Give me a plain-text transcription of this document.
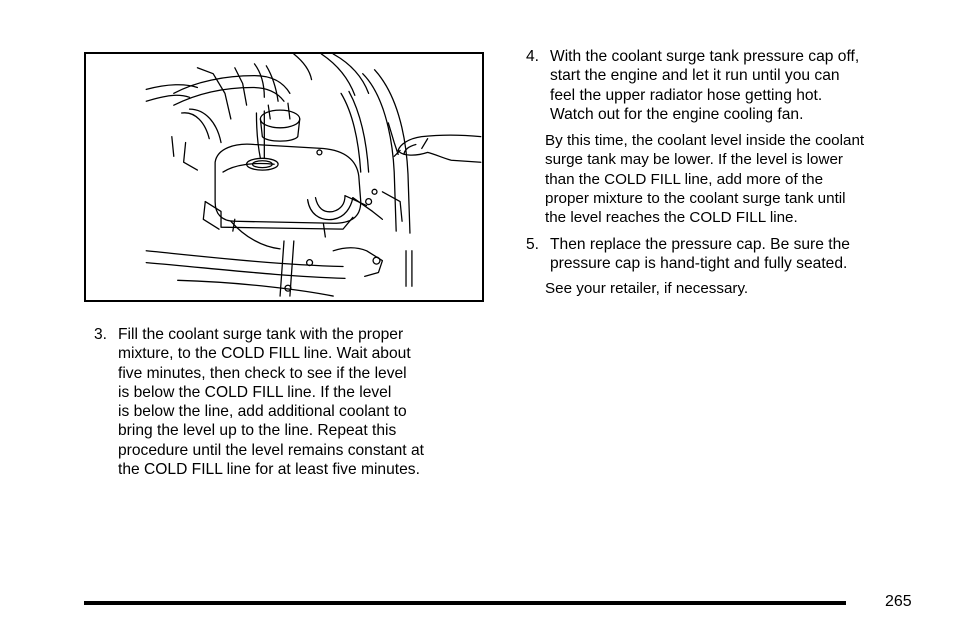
3. Fill the coolant surge tank with the proper
mixture, to the COLD FILL line. Wait about
five minutes, then check to see if the level
is below the COLD FILL line. If the level
is below the line, add additional coolant to
bring the level up to the line. Repeat this
procedure until the level remains constant at
the COLD FILL line for at least five minutes.
4. With the coolant surge tank pressure cap off,
start the engine and let it run until you can
feel the upper radiator hose getting hot.
Watch out for the engine cooling fan.
By this time, the coolant level inside the coolant
surge tank may be lower. If the level is lower
than the COLD FILL line, add more of the
proper mixture to the coolant surge tank until
the level reaches the COLD FILL line.
5. Then replace the pressure cap. Be sure the
pressure cap is hand-tight and fully seated.
See your retailer, if necessary.
265
